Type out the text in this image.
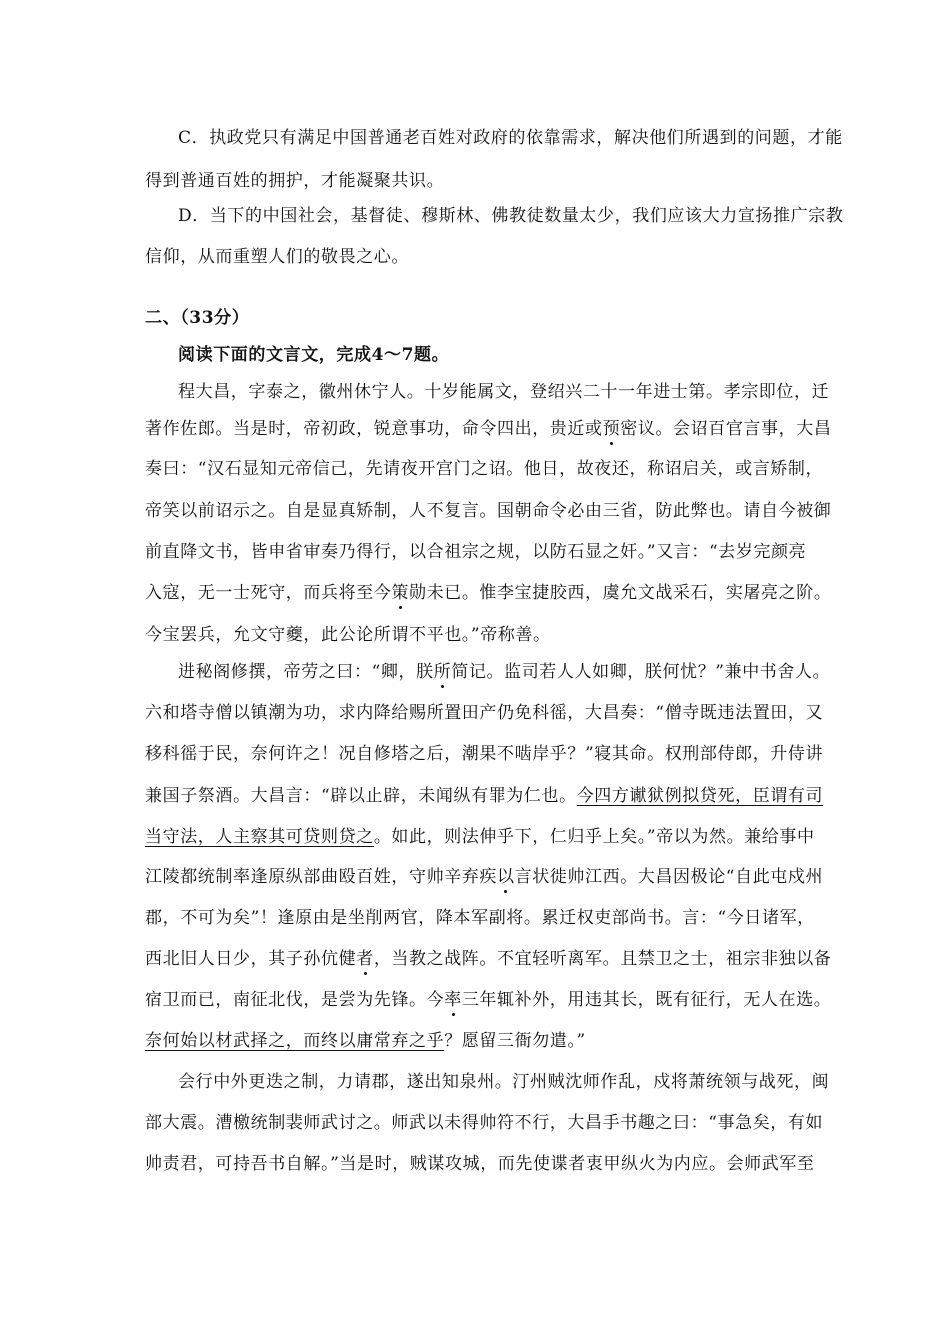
C．执政党只有满足中国普通老百姓对政府的依靠需求，解决他们所遇到的问题，才能
得到普通百姓的拥护，才能凝聚共识。
D．当下的中国社会，基督徒、穆斯林、佛教徒数量太少，我们应该大力宣扬推广宗教
信仰，从而重塑人们的敬畏之心。
二、（33分）
阅读下面的文言文，完成4～7题。
程大昌，字泰之，徽州休宁人。十岁能属文，登绍兴二十一年进士第。孝宗即位，迁
著作佐郎。当是时，帝初政，锐意事功，命令四出，贵近或预密议。会诏百官言事，大昌
奏曰：“汉石显知元帝信己，先请夜开宫门之诏。他日，故夜还，称诏启关，或言矫制，
帝笑以前诏示之。自是显真矫制，人不复言。国朝命令必由三省，防此弊也。请自今被御
前直降文书，皆申省审奏乃得行，以合祖宗之规，以防石显之奸。”又言：“去岁完颜亮
入寇，无一士死守，而兵将至今策勋未已。惟李宝捷胶西，虞允文战采石，实屠亮之阶。
今宝罢兵，允文守夔，此公论所谓不平也。”帝称善。
进秘阁修撰，帝劳之曰：“卿，朕所简记。监司若人人如卿，朕何忧？”兼中书舍人。
六和塔寺僧以镇潮为功，求内降给赐所置田产仍免科徭，大昌奏：“僧寺既违法置田，又
移科徭于民，奈何许之！况自修塔之后，潮果不啮岸乎？”寝其命。权刑部侍郎，升侍讲
兼国子祭酒。大昌言：“辟以止辟，未闻纵有罪为仁也。今四方谳狱例拟贷死，臣谓有司
当守法，人主察其可贷则贷之。如此，则法伸乎下，仁归乎上矣。”帝以为然。兼给事中
江陵都统制率逢原纵部曲殴百姓，守帅辛弃疾以言状徙帅江西。大昌因极论“自此屯戍州
郡，不可为矣”！逢原由是坐削两官，降本军副将。累迁权吏部尚书。言：“今日诸军，
西北旧人日少，其子孙伉健者，当教之战阵。不宜轻听离军。且禁卫之士，祖宗非独以备
宿卫而已，南征北伐，是尝为先锋。今率三年辄补外，用违其长，既有征行，无人在选。
奈何始以材武择之，而终以庸常弃之乎？愿留三衙勿遣。”
会行中外更迭之制，力请郡，遂出知泉州。汀州贼沈师作乱，戍将萧统领与战死，闽
部大震。漕檄统制裴师武讨之。师武以未得帅符不行，大昌手书趣之曰：“事急矣，有如
帅责君，可持吾书自解。”当是时，贼谋攻城，而先使谍者衷甲纵火为内应。会师武军至
